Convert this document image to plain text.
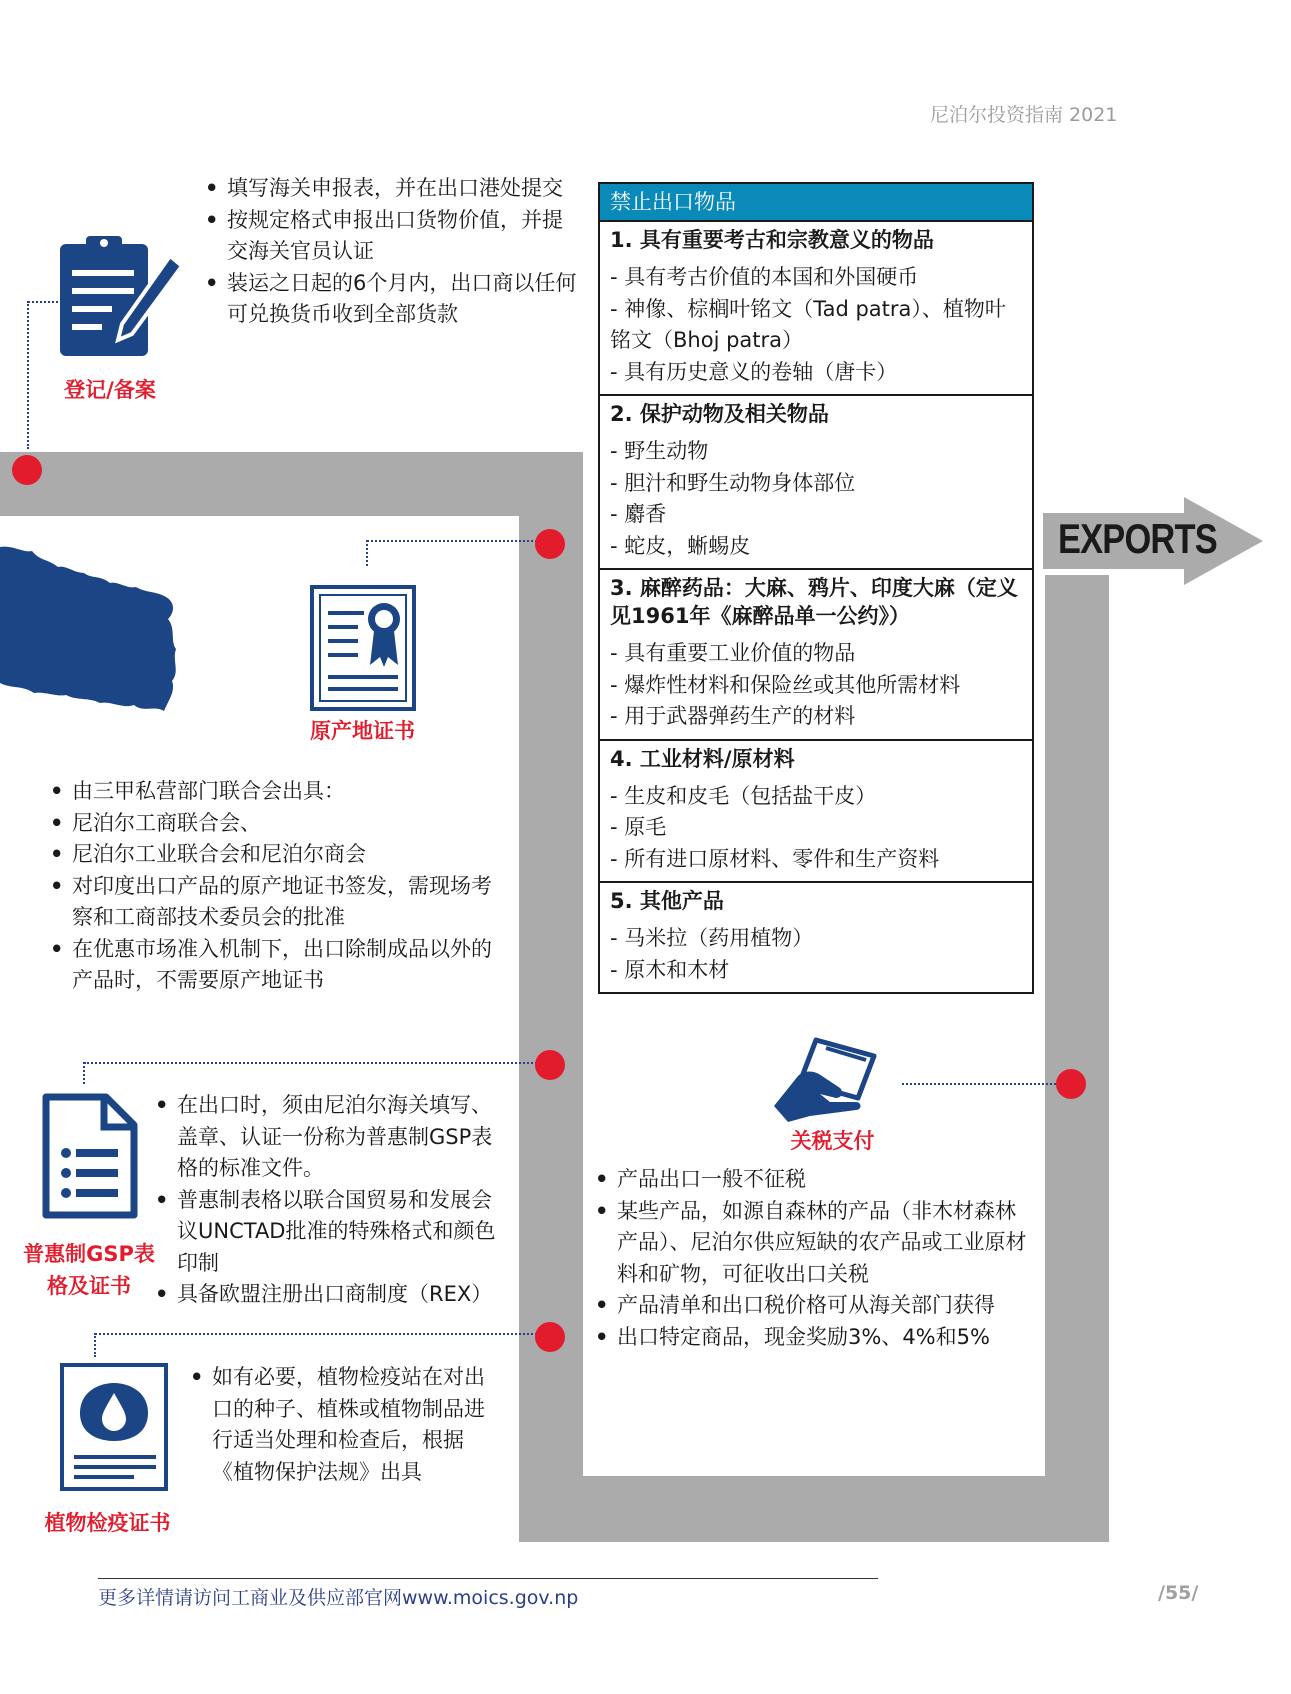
尼泊尔投资指南 2021
EXPORTS
登记/备案
• 填写海关申报表，并在出口港处提交
• 按规定格式申报出口货物价值，并提交海关官员认证
• 装运之日起的6个月内，出口商以任何可兑换货币收到全部货款
原产地证书
• 由三甲私营部门联合会出具：
• 尼泊尔工商联合会、
• 尼泊尔工业联合会和尼泊尔商会
• 对印度出口产品的原产地证书签发，需现场考察和工商部技术委员会的批准
• 在优惠市场准入机制下，出口除制成品以外的产品时，不需要原产地证书
普惠制GSP表
格及证书
• 在出口时，须由尼泊尔海关填写、盖章、认证一份称为普惠制GSP表格的标准文件。
• 普惠制表格以联合国贸易和发展会议UNCTAD批准的特殊格式和颜色印制
• 具备欧盟注册出口商制度（REX）
植物检疫证书
• 如有必要，植物检疫站在对出口的种子、植株或植物制品进行适当处理和检查后，根据《植物保护法规》出具
禁止出口物品
1. 具有重要考古和宗教意义的物品
- 具有考古价值的本国和外国硬币
- 神像、棕榈叶铭文（Tad patra）、植物叶铭文（Bhoj patra）
- 具有历史意义的卷轴（唐卡）
2. 保护动物及相关物品
- 野生动物
- 胆汁和野生动物身体部位
- 麝香
- 蛇皮，蜥蜴皮
3. 麻醉药品：大麻、鸦片、印度大麻（定义见1961年《麻醉品单一公约》）
- 具有重要工业价值的物品
- 爆炸性材料和保险丝或其他所需材料
- 用于武器弹药生产的材料
4. 工业材料/原材料
- 生皮和皮毛（包括盐干皮）
- 原毛
- 所有进口原材料、零件和生产资料
5. 其他产品
- 马米拉（药用植物）
- 原木和木材
关税支付
• 产品出口一般不征税
• 某些产品，如源自森林的产品（非木材森林产品）、尼泊尔供应短缺的农产品或工业原材料和矿物，可征收出口关税
• 产品清单和出口税价格可从海关部门获得
• 出口特定商品，现金奖励3%、4%和5%
更多详情请访问工商业及供应部官网www.moics.gov.np	/55/
